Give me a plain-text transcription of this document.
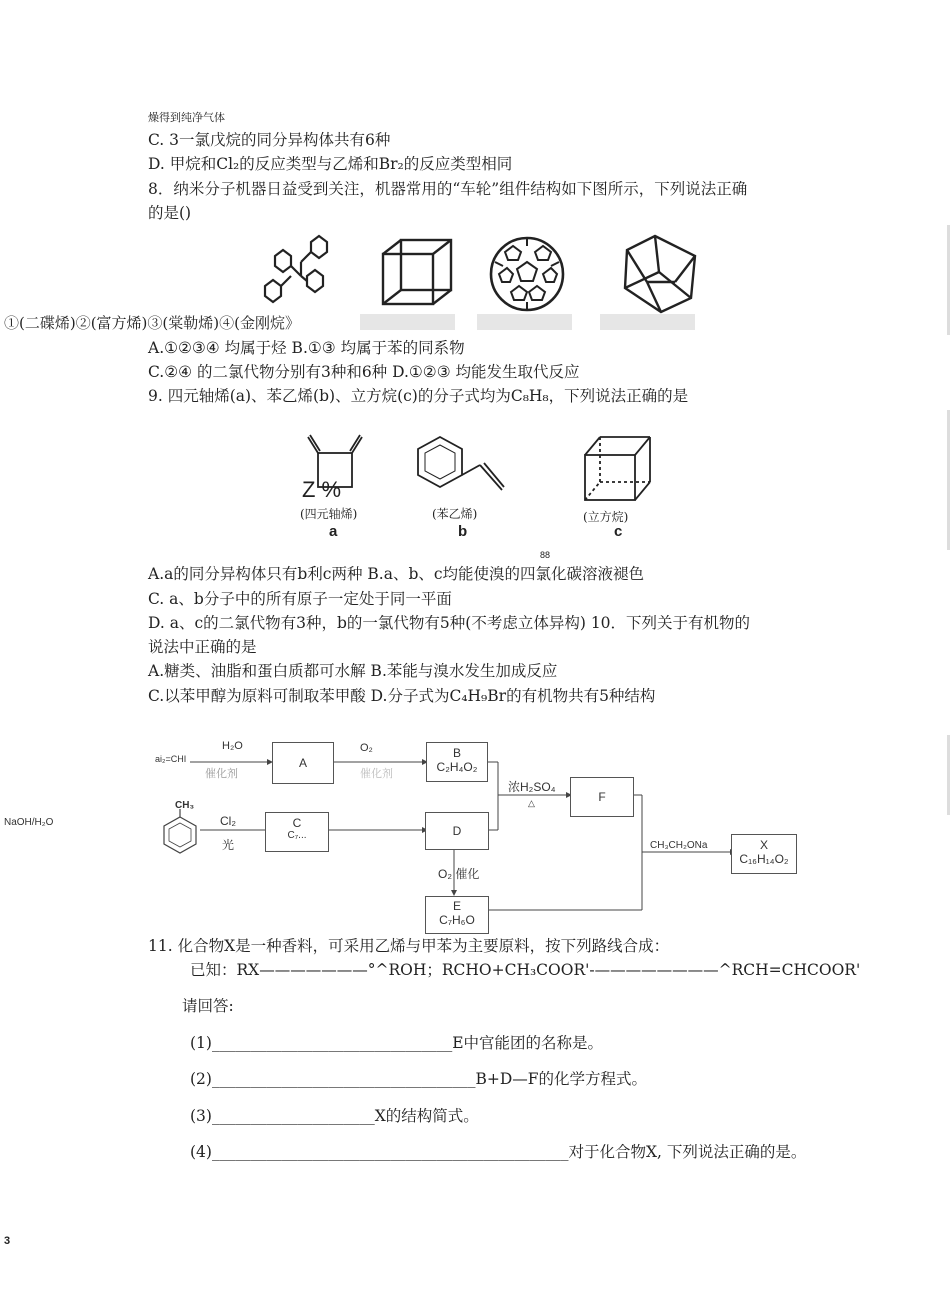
燥得到纯净气体
C. 3一氯戊烷的同分异构体共有6种
D. 甲烷和Cl₂的反应类型与乙烯和Br₂的反应类型相同
8．纳米分子机器日益受到关注，机器常用的“车轮”组件结构如下图所示，下列说法正确
的是()
①(二碟烯)②(富方烯)③(棠勒烯)④(金刚烷》
A.①②③④ 均属于烃 B.①③ 均属于苯的同系物
C.②④ 的二氯代物分别有3种和6种 D.①②③ 均能发生取代反应
9. 四元轴烯(a)、苯乙烯(b)、立方烷(c)的分子式均为C₈H₈，下列说法正确的是
Z %
(四元轴烯)
a
(苯乙烯)
b
(立方烷)
c
88
A.a的同分异构体只有b利c两种 B.a、b、c均能使溴的四氯化碳溶液褪色
C. a、b分子中的所有原子一定处于同一平面
D. a、c的二氯代物有3种，b的一氯代物有5种(不考虑立体异构) 10．下列关于有机物的
说法中正确的是
A.糖类、油脂和蛋白质都可水解 B.苯能与溴水发生加成反应
C.以苯甲醇为原料可制取苯甲酸 D.分子式为C₄H₉Br的有机物共有5种结构
A
B
C₂H₄O₂
F
C
C₇...	D
E
C₇H₆O
X
C₁₆H₁₄O₂
ai₂=CHI
H₂O
催化剂
O₂
催化剂
浓H₂SO₄
△
CH₃
Cl₂
光
NaOH/H₂O
O₂ 催化
CH₃CH₂ONa
11. 化合物X是一种香料，可采用乙烯与甲苯为主要原料，按下列路线合成：
已知：RX———————°^ROH；RCHO+CH₃COOR'-————————^RCH=CHCOOR'
请回答:
(1)_______________________________E中官能团的名称是。
(2)__________________________________B+D—F的化学方程式。
(3)_____________________X的结构简式。
(4)______________________________________________对于化合物X, 下列说法正确的是。
3
